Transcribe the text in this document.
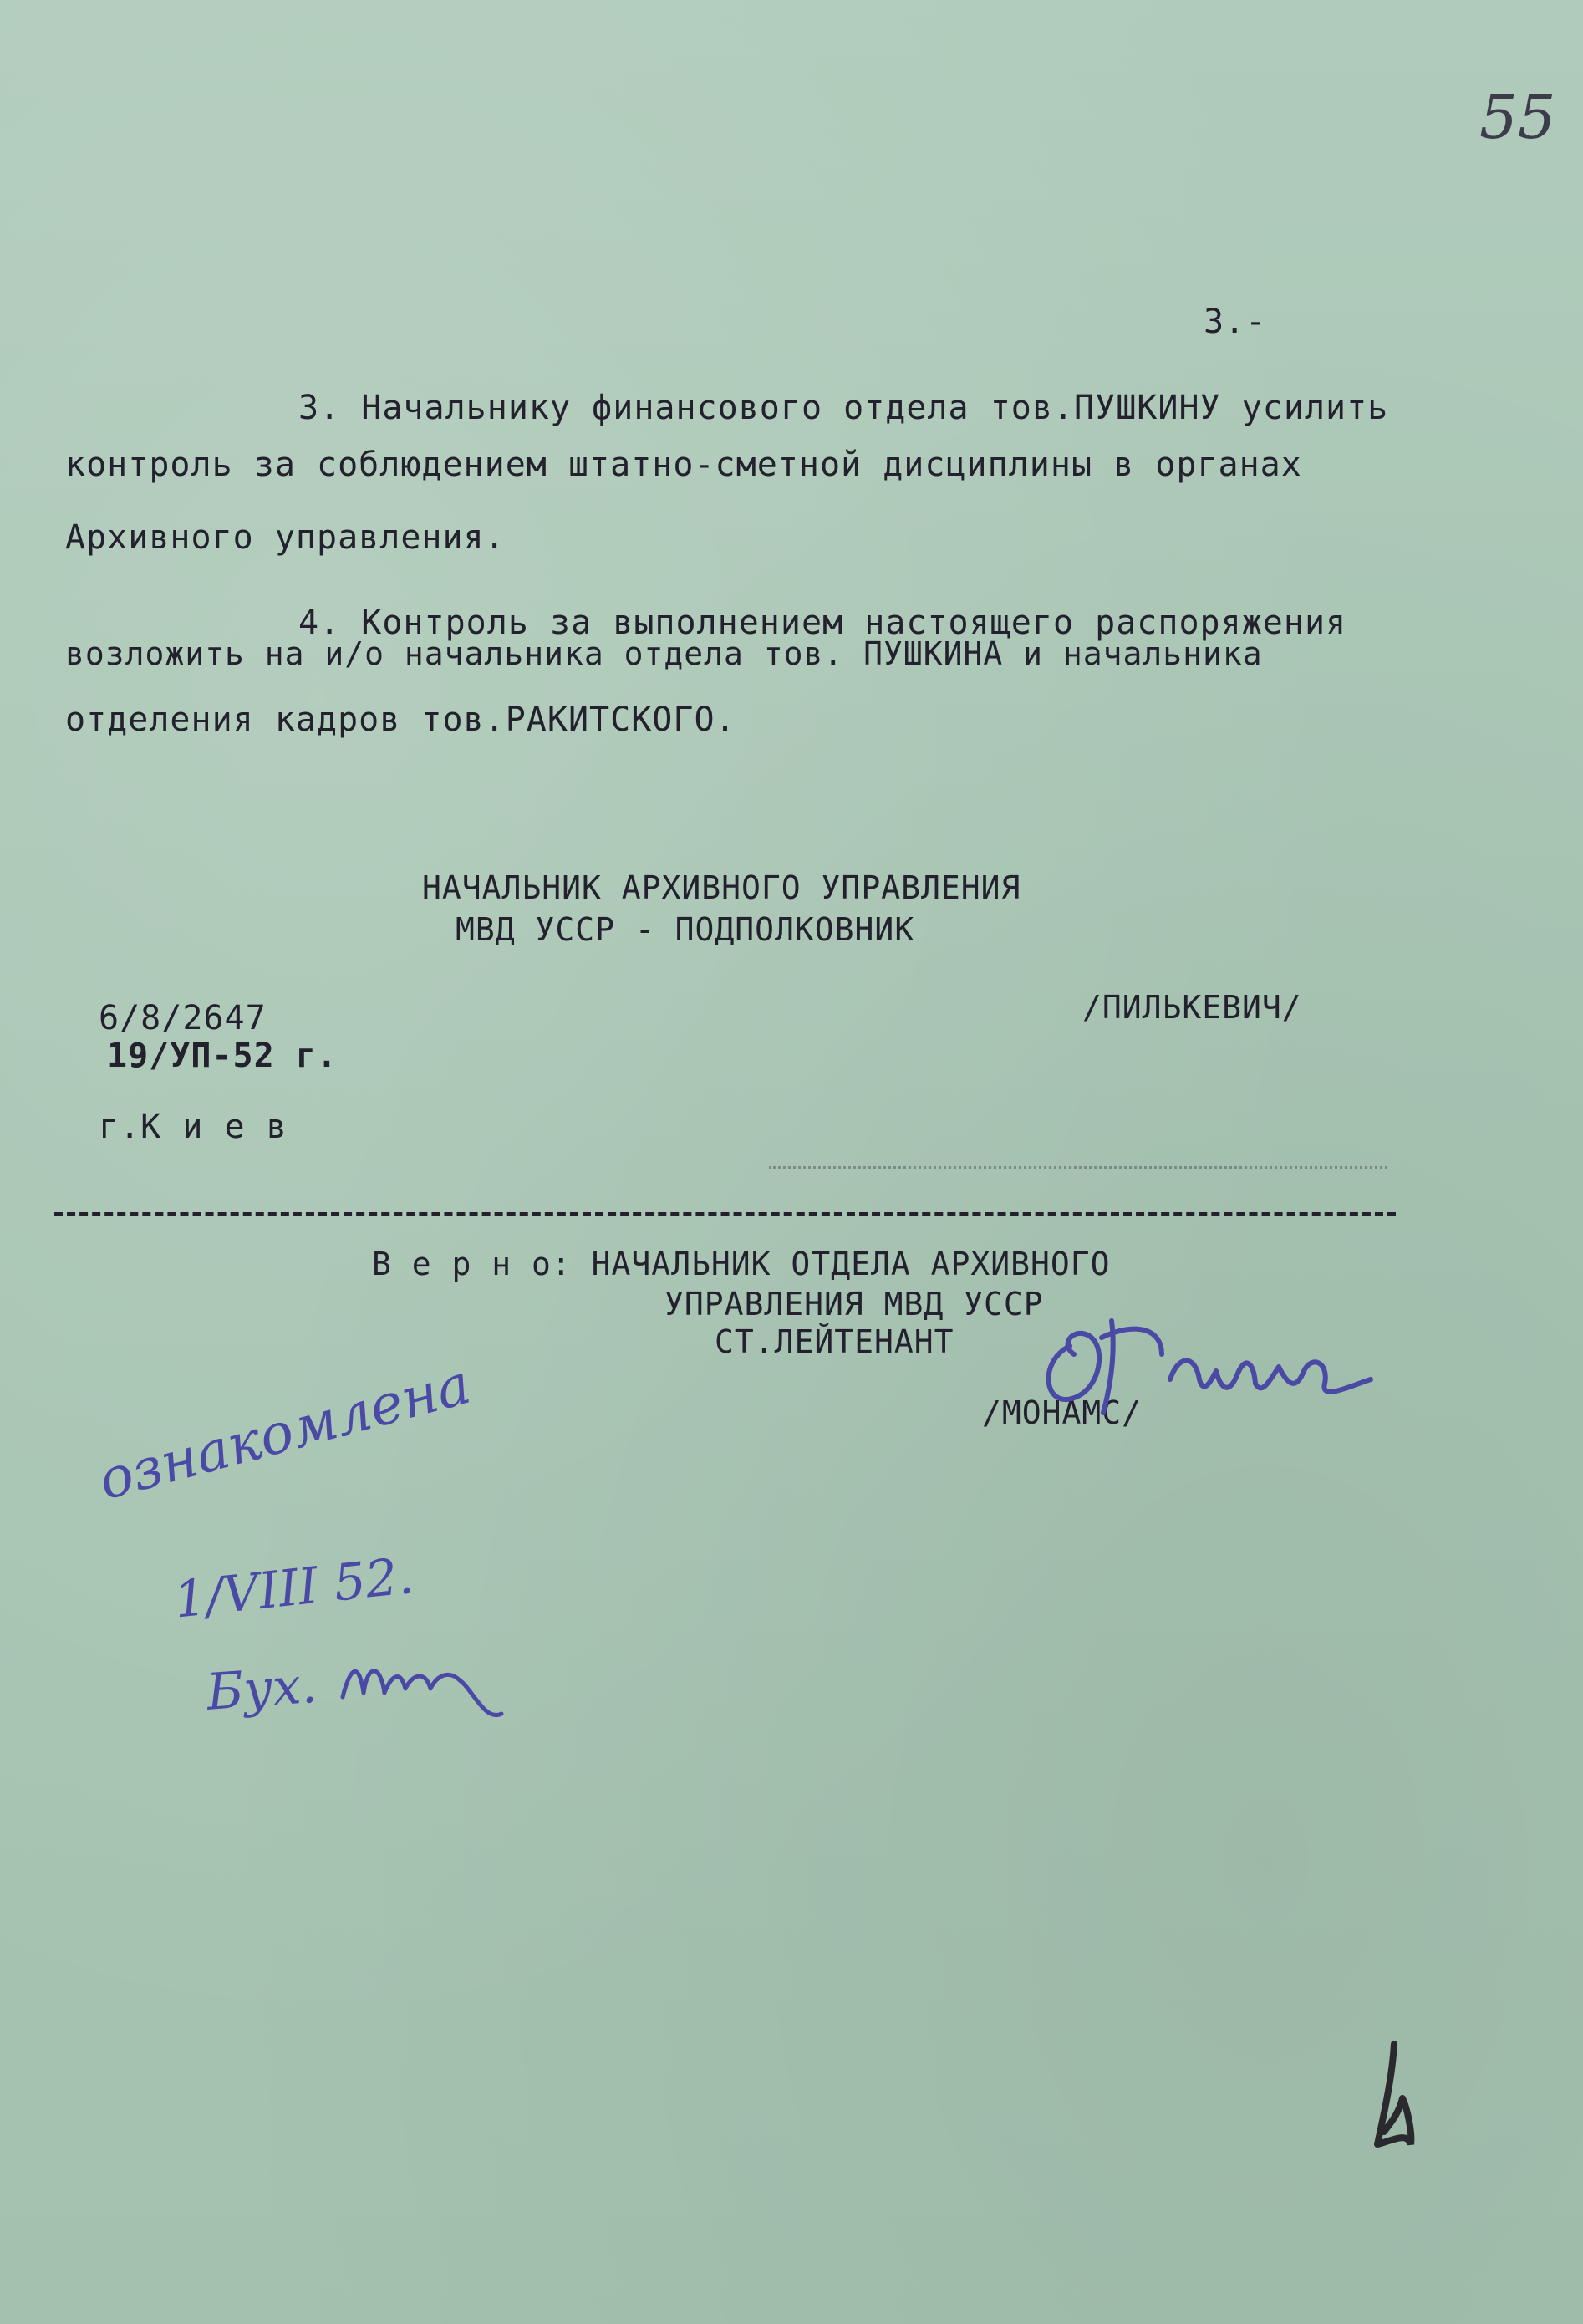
55
3.-
3. Начальнику финансового отдела тов.ПУШКИНУ усилить
контроль за соблюдением штатно-сметной дисциплины в органах
Архивного управления.
4. Контроль за выполнением настоящего распоряжения
возложить на и/о начальника отдела тов. ПУШКИНА и начальника
отделения кадров тов.РАКИТСКОГО.
НАЧАЛЬНИК АРХИВНОГО УПРАВЛЕНИЯ
МВД УССР - ПОДПОЛКОВНИК
/ПИЛЬКЕВИЧ/
6/8/2647
19/УП-52 г.
г.К и е в
В е р н о: НАЧАЛЬНИК ОТДЕЛА АРХИВНОГО
УПРАВЛЕНИЯ МВД УССР
СТ.ЛЕЙТЕНАНТ
/МОНАМС/
ознакомлена
1/VIII 52.
Бух.
